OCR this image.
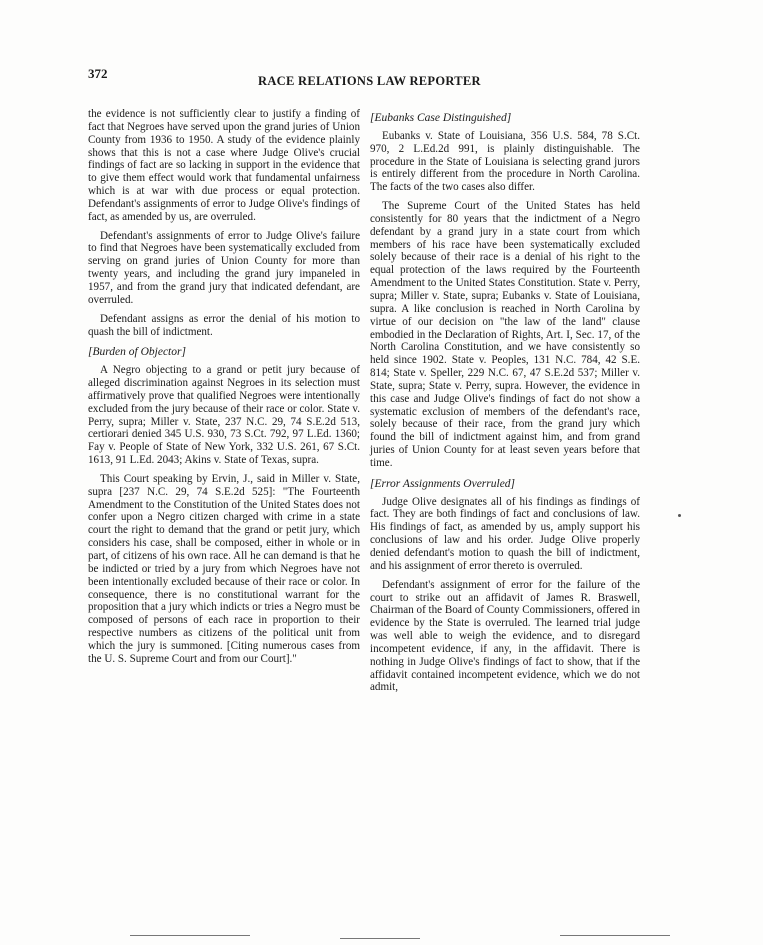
372	RACE RELATIONS LAW REPORTER

the evidence is not sufficiently clear to justify a finding of fact that Negroes have served upon the grand juries of Union County from 1936 to 1950. A study of the evidence plainly shows that this is not a case where Judge Olive's crucial findings of fact are so lacking in support in the evidence that to give them effect would work that fundamental unfairness which is at war with due process or equal protection. Defendant's assignments of error to Judge Olive's findings of fact, as amended by us, are overruled.

Defendant's assignments of error to Judge Olive's failure to find that Negroes have been systematically excluded from serving on grand juries of Union County for more than twenty years, and including the grand jury impaneled in 1957, and from the grand jury that indicated defendant, are overruled.

Defendant assigns as error the denial of his motion to quash the bill of indictment.

[Burden of Objector]

A Negro objecting to a grand or petit jury because of alleged discrimination against Negroes in its selection must affirmatively prove that qualified Negroes were intentionally excluded from the jury because of their race or color. State v. Perry, supra; Miller v. State, 237 N.C. 29, 74 S.E.2d 513, certiorari denied 345 U.S. 930, 73 S.Ct. 792, 97 L.Ed. 1360; Fay v. People of State of New York, 332 U.S. 261, 67 S.Ct. 1613, 91 L.Ed. 2043; Akins v. State of Texas, supra.

This Court speaking by Ervin, J., said in Miller v. State, supra [237 N.C. 29, 74 S.E.2d 525]: "The Fourteenth Amendment to the Constitution of the United States does not confer upon a Negro citizen charged with crime in a state court the right to demand that the grand or petit jury, which considers his case, shall be composed, either in whole or in part, of citizens of his own race. All he can demand is that he be indicted or tried by a jury from which Negroes have not been intentionally excluded because of their race or color. In consequence, there is no constitutional warrant for the proposition that a jury which indicts or tries a Negro must be composed of persons of each race in proportion to their respective numbers as citizens of the political unit from which the jury is summoned. [Citing numerous cases from the U. S. Supreme Court and from our Court]."

[Eubanks Case Distinguished]

Eubanks v. State of Louisiana, 356 U.S. 584, 78 S.Ct. 970, 2 L.Ed.2d 991, is plainly distinguishable. The procedure in the State of Louisiana is selecting grand jurors is entirely different from the procedure in North Carolina. The facts of the two cases also differ.

The Supreme Court of the United States has held consistently for 80 years that the indictment of a Negro defendant by a grand jury in a state court from which members of his race have been systematically excluded solely because of their race is a denial of his right to the equal protection of the laws required by the Fourteenth Amendment to the United States Constitution. State v. Perry, supra; Miller v. State, supra; Eubanks v. State of Louisiana, supra. A like conclusion is reached in North Carolina by virtue of our decision on "the law of the land" clause embodied in the Declaration of Rights, Art. I, Sec. 17, of the North Carolina Constitution, and we have consistently so held since 1902. State v. Peoples, 131 N.C. 784, 42 S.E. 814; State v. Speller, 229 N.C. 67, 47 S.E.2d 537; Miller v. State, supra; State v. Perry, supra. However, the evidence in this case and Judge Olive's findings of fact do not show a systematic exclusion of members of the defendant's race, solely because of their race, from the grand jury which found the bill of indictment against him, and from grand juries of Union County for at least seven years before that time.

[Error Assignments Overruled]

Judge Olive designates all of his findings as findings of fact. They are both findings of fact and conclusions of law. His findings of fact, as amended by us, amply support his conclusions of law and his order. Judge Olive properly denied defendant's motion to quash the bill of indictment, and his assignment of error thereto is overruled.

Defendant's assignment of error for the failure of the court to strike out an affidavit of James R. Braswell, Chairman of the Board of County Commissioners, offered in evidence by the State is overruled. The learned trial judge was well able to weigh the evidence, and to disregard incompetent evidence, if any, in the affidavit. There is nothing in Judge Olive's findings of fact to show, that if the affidavit contained incompetent evidence, which we do not admit,
